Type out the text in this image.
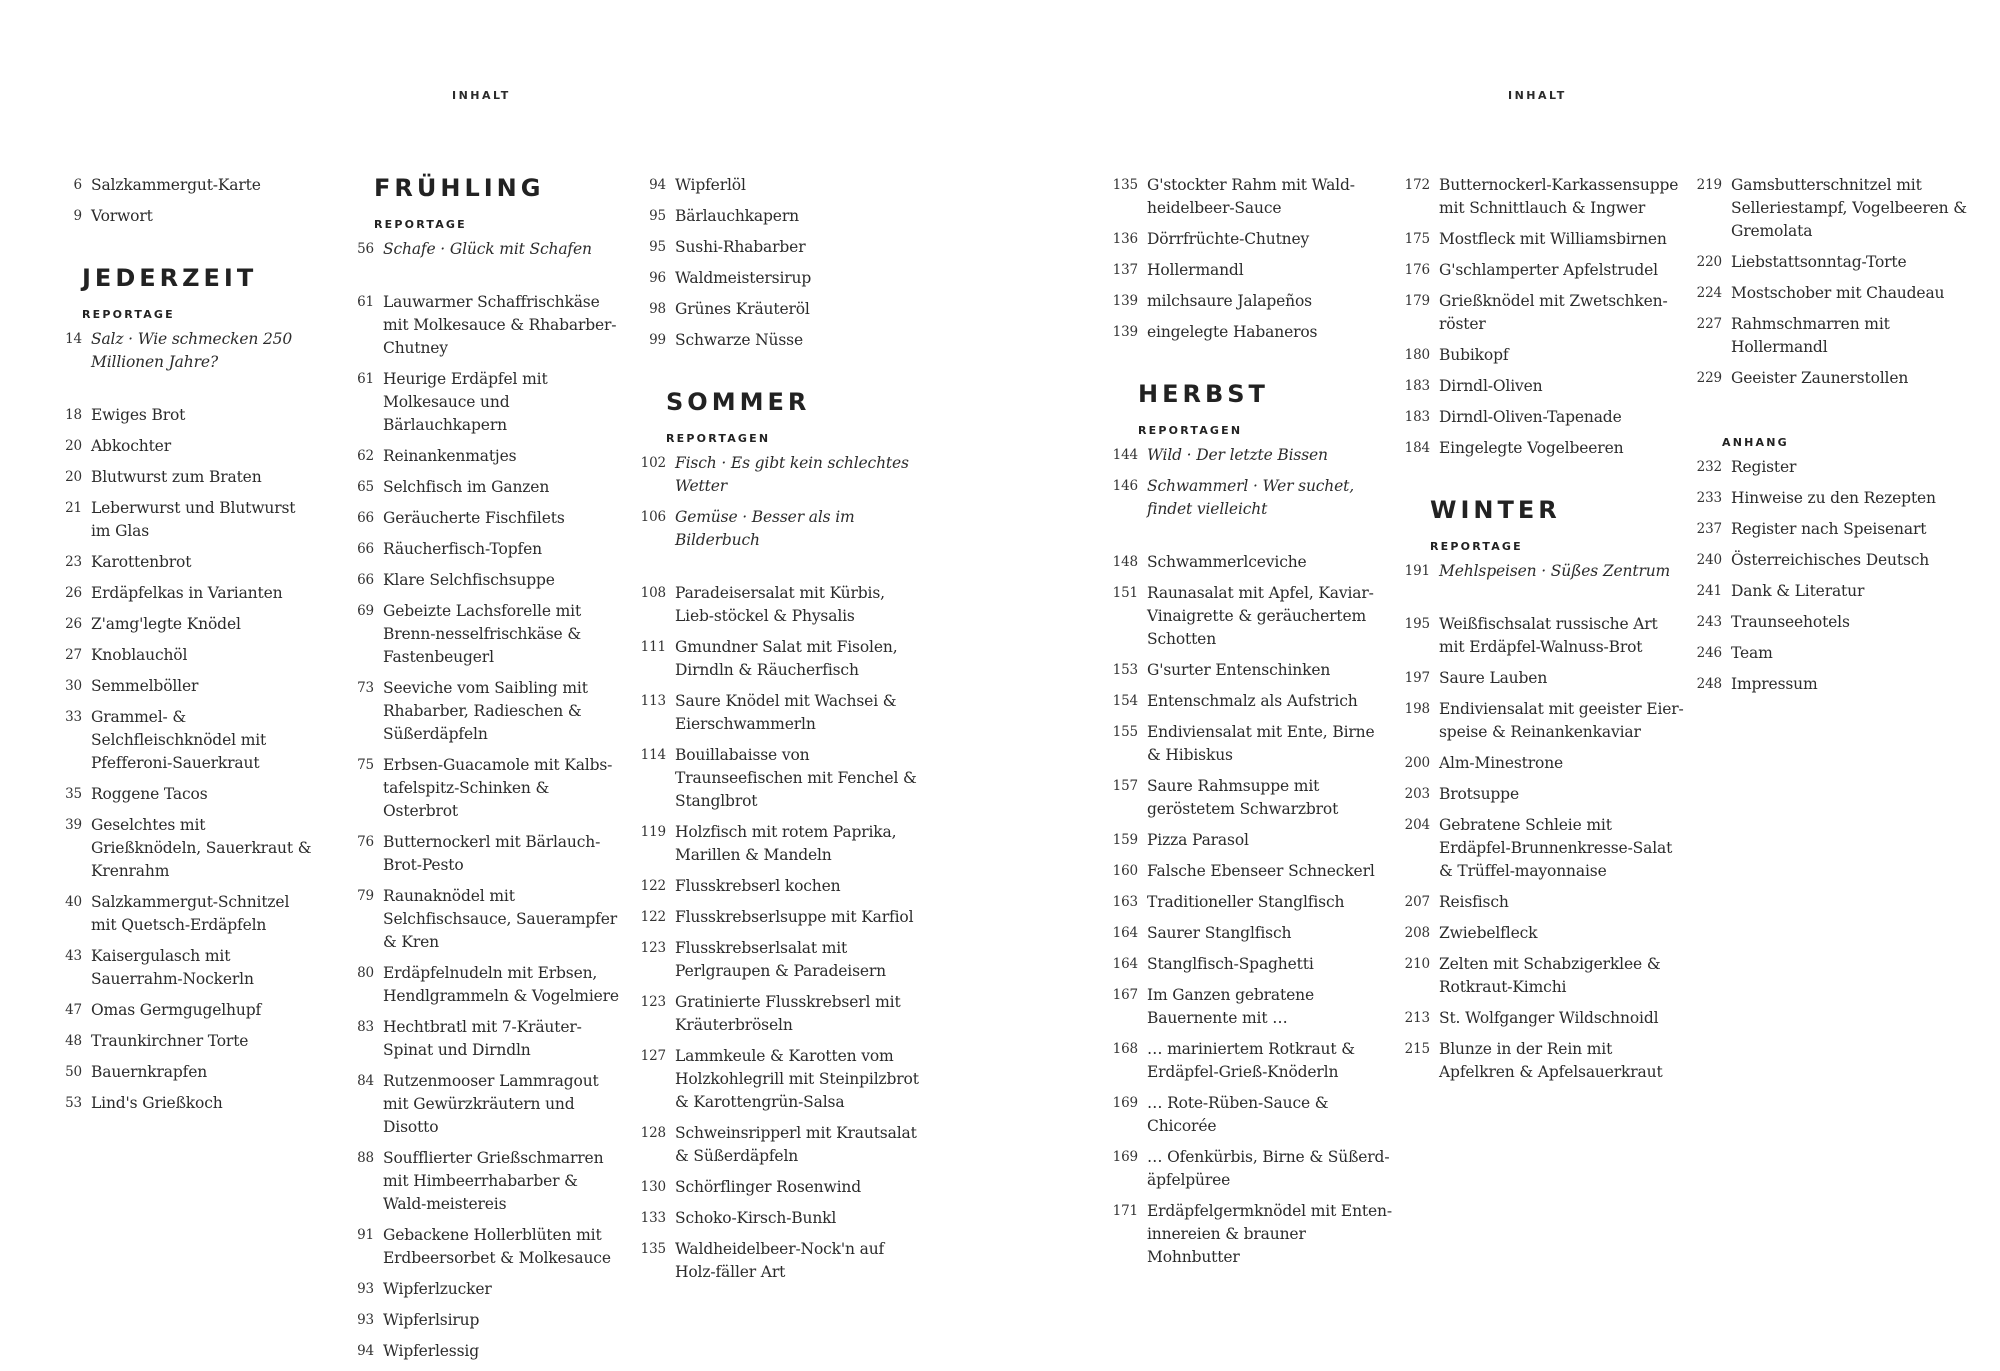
INHALT	INHALT
6 Salzkammergut-Karte
9 Vorwort
JEDERZEIT
REPORTAGE
14 Salz · Wie schmecken 250 Millionen Jahre?
18 Ewiges Brot
20 Abkochter
20 Blutwurst zum Braten
21 Leberwurst und Blutwurst im Glas
23 Karottenbrot
26 Erdäpfelkas in Varianten
26 Z'amg'legte Knödel
27 Knoblauchöl
30 Semmelböller
33 Grammel- & Selchfleischknödel mit Pfefferoni-Sauerkraut
35 Roggene Tacos
39 Geselchtes mit Grießknödeln, Sauerkraut & Krenrahm
40 Salzkammergut-Schnitzel mit Quetsch-Erdäpfeln
43 Kaisergulasch mit Sauerrahm-Nockerln
47 Omas Germgugelhupf
48 Traunkirchner Torte
50 Bauernkrapfen
53 Lind's Grießkoch
FRÜHLING
REPORTAGE
56 Schafe · Glück mit Schafen
61 Lauwarmer Schaffrischkäse mit Molkesauce & Rhabarber-Chutney
61 Heurige Erdäpfel mit Molkesauce und Bärlauchkapern
62 Reinankenmatjes
65 Selchfisch im Ganzen
66 Geräucherte Fischfilets
66 Räucherfisch-Topfen
66 Klare Selchfischsuppe
69 Gebeizte Lachsforelle mit Brenn-nesselfrischkäse & Fastenbeugerl
73 Seeviche vom Saibling mit Rhabarber, Radieschen & Süßerdäpfeln
75 Erbsen-Guacamole mit Kalbs-tafelspitz-Schinken & Osterbrot
76 Butternockerl mit Bärlauch-Brot-Pesto
79 Raunaknödel mit Selchfischsauce, Sauerampfer & Kren
80 Erdäpfelnudeln mit Erbsen, Hendlgrammeln & Vogelmiere
83 Hechtbratl mit 7-Kräuter-Spinat und Dirndln
84 Rutzenmooser Lammragout mit Gewürzkräutern und Disotto
88 Soufflierter Grießschmarren mit Himbeerrhabarber & Wald-meistereis
91 Gebackene Hollerblüten mit Erdbeersorbet & Molkesauce
93 Wipferlzucker
93 Wipferlsirup
94 Wipferlessig
94 Wipferlöl
95 Bärlauchkapern
95 Sushi-Rhabarber
96 Waldmeistersirup
98 Grünes Kräuteröl
99 Schwarze Nüsse
SOMMER
REPORTAGEN
102 Fisch · Es gibt kein schlechtes Wetter
106 Gemüse · Besser als im Bilderbuch
108 Paradeisersalat mit Kürbis, Lieb-stöckel & Physalis
111 Gmundner Salat mit Fisolen, Dirndln & Räucherfisch
113 Saure Knödel mit Wachsei & Eierschwammerln
114 Bouillabaisse von Traunseefischen mit Fenchel & Stanglbrot
119 Holzfisch mit rotem Paprika, Marillen & Mandeln
122 Flusskrebserl kochen
122 Flusskrebserlsuppe mit Karfiol
123 Flusskrebserlsalat mit Perlgraupen & Paradeisern
123 Gratinierte Flusskrebserl mit Kräuterbröseln
127 Lammkeule & Karotten vom Holzkohlegrill mit Steinpilzbrot & Karottengrün-Salsa
128 Schweinsripperl mit Krautsalat & Süßerdäpfeln
130 Schörflinger Rosenwind
133 Schoko-Kirsch-Bunkl
135 Waldheidelbeer-Nock'n auf Holz-fäller Art
135 G'stockter Rahm mit Wald-heidelbeer-Sauce
136 Dörrfrüchte-Chutney
137 Hollermandl
139 milchsaure Jalapeños
139 eingelegte Habaneros
HERBST
REPORTAGEN
144 Wild · Der letzte Bissen
146 Schwammerl · Wer suchet, findet vielleicht
148 Schwammerlceviche
151 Raunasalat mit Apfel, Kaviar-Vinaigrette & geräuchertem Schotten
153 G'surter Entenschinken
154 Entenschmalz als Aufstrich
155 Endiviensalat mit Ente, Birne & Hibiskus
157 Saure Rahmsuppe mit geröstetem Schwarzbrot
159 Pizza Parasol
160 Falsche Ebenseer Schneckerl
163 Traditioneller Stanglfisch
164 Saurer Stanglfisch
164 Stanglfisch-Spaghetti
167 Im Ganzen gebratene Bauernente mit …
168 … mariniertem Rotkraut & Erdäpfel-Grieß-Knöderln
169 … Rote-Rüben-Sauce & Chicorée
169 … Ofenkürbis, Birne & Süßerd-äpfelpüree
171 Erdäpfelgermknödel mit Enten-innereien & brauner Mohnbutter
172 Butternockerl-Karkassensuppe mit Schnittlauch & Ingwer
175 Mostfleck mit Williamsbirnen
176 G'schlamperter Apfelstrudel
179 Grießknödel mit Zwetschken-röster
180 Bubikopf
183 Dirndl-Oliven
183 Dirndl-Oliven-Tapenade
184 Eingelegte Vogelbeeren
WINTER
REPORTAGE
191 Mehlspeisen · Süßes Zentrum
195 Weißfischsalat russische Art mit Erdäpfel-Walnuss-Brot
197 Saure Lauben
198 Endiviensalat mit geeister Eier-speise & Reinankenkaviar
200 Alm-Minestrone
203 Brotsuppe
204 Gebratene Schleie mit Erdäpfel-Brunnenkresse-Salat & Trüffel-mayonnaise
207 Reisfisch
208 Zwiebelfleck
210 Zelten mit Schabzigerklee & Rotkraut-Kimchi
213 St. Wolfganger Wildschnoidl
215 Blunze in der Rein mit Apfelkren & Apfelsauerkraut
219 Gamsbutterschnitzel mit Selleriestampf, Vogelbeeren & Gremolata
220 Liebstattsonntag-Torte
224 Mostschober mit Chaudeau
227 Rahmschmarren mit Hollermandl
229 Geeister Zaunerstollen
ANHANG
232 Register
233 Hinweise zu den Rezepten
237 Register nach Speisenart
240 Österreichisches Deutsch
241 Dank & Literatur
243 Traunseehotels
246 Team
248 Impressum
